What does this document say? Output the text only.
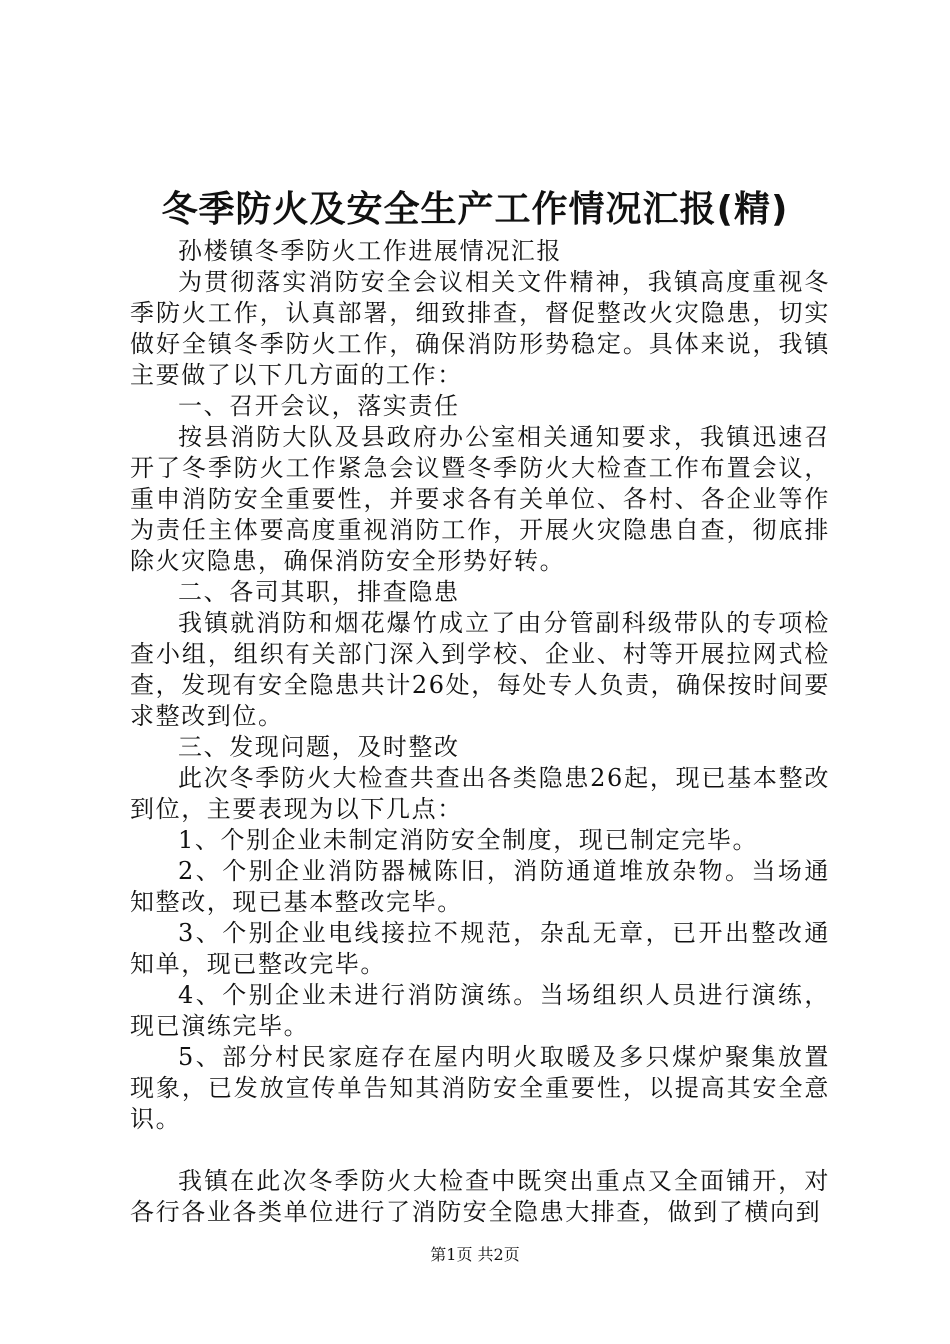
冬季防火及安全生产工作情况汇报(精)

孙楼镇冬季防火工作进展情况汇报

为贯彻落实消防安全会议相关文件精神，我镇高度重视冬季防火工作，认真部署，细致排查，督促整改火灾隐患，切实做好全镇冬季防火工作，确保消防形势稳定。具体来说，我镇主要做了以下几方面的工作：

一、召开会议，落实责任

按县消防大队及县政府办公室相关通知要求，我镇迅速召开了冬季防火工作紧急会议暨冬季防火大检查工作布置会议，重申消防安全重要性，并要求各有关单位、各村、各企业等作为责任主体要高度重视消防工作，开展火灾隐患自查，彻底排除火灾隐患，确保消防安全形势好转。

二、各司其职，排查隐患

我镇就消防和烟花爆竹成立了由分管副科级带队的专项检查小组，组织有关部门深入到学校、企业、村等开展拉网式检查，发现有安全隐患共计26处，每处专人负责，确保按时间要求整改到位。

三、发现问题，及时整改

此次冬季防火大检查共查出各类隐患26起，现已基本整改到位，主要表现为以下几点：

1、个别企业未制定消防安全制度，现已制定完毕。

2、个别企业消防器械陈旧，消防通道堆放杂物。当场通知整改，现已基本整改完毕。

3、个别企业电线接拉不规范，杂乱无章，已开出整改通知单，现已整改完毕。

4、个别企业未进行消防演练。当场组织人员进行演练，现已演练完毕。

5、部分村民家庭存在屋内明火取暖及多只煤炉聚集放置现象，已发放宣传单告知其消防安全重要性，以提高其安全意识。

我镇在此次冬季防火大检查中既突出重点又全面铺开，对各行各业各类单位进行了消防安全隐患大排查，做到了横向到

第1页 共2页
